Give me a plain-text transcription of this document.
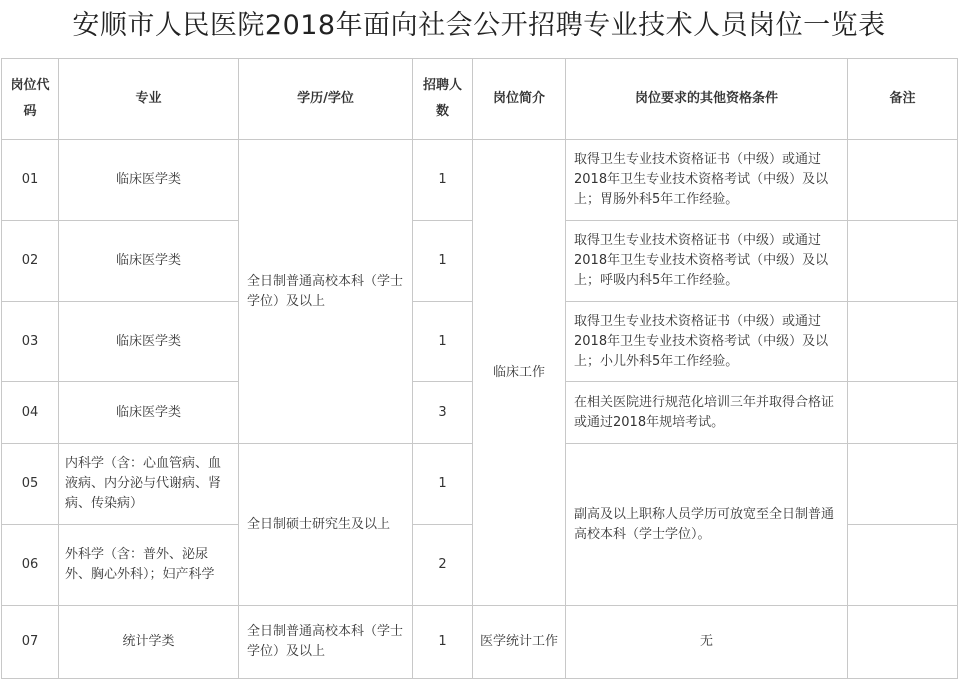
安顺市人民医院2018年面向社会公开招聘专业技术人员岗位一览表
岗位代码	专业	学历/学位	招聘人数	岗位简介	岗位要求的其他资格条件	备注
01	临床医学类	全日制普通高校本科（学士学位）及以上	1	临床工作	取得卫生专业技术资格证书（中级）或通过2018年卫生专业技术资格考试（中级）及以上；胃肠外科5年工作经验。	
02	临床医学类		1		取得卫生专业技术资格证书（中级）或通过2018年卫生专业技术资格考试（中级）及以上；呼吸内科5年工作经验。	
03	临床医学类		1		取得卫生专业技术资格证书（中级）或通过2018年卫生专业技术资格考试（中级）及以上；小儿外科5年工作经验。	
04	临床医学类		3		在相关医院进行规范化培训三年并取得合格证或通过2018年规培考试。	
05	内科学（含：心血管病、血液病、内分泌与代谢病、肾病、传染病）	全日制硕士研究生及以上	1		副高及以上职称人员学历可放宽至全日制普通高校本科（学士学位）。	
06	外科学（含：普外、泌尿外、胸心外科）；妇产科学		2			
07	统计学类	全日制普通高校本科（学士学位）及以上	1	医学统计工作	无	
